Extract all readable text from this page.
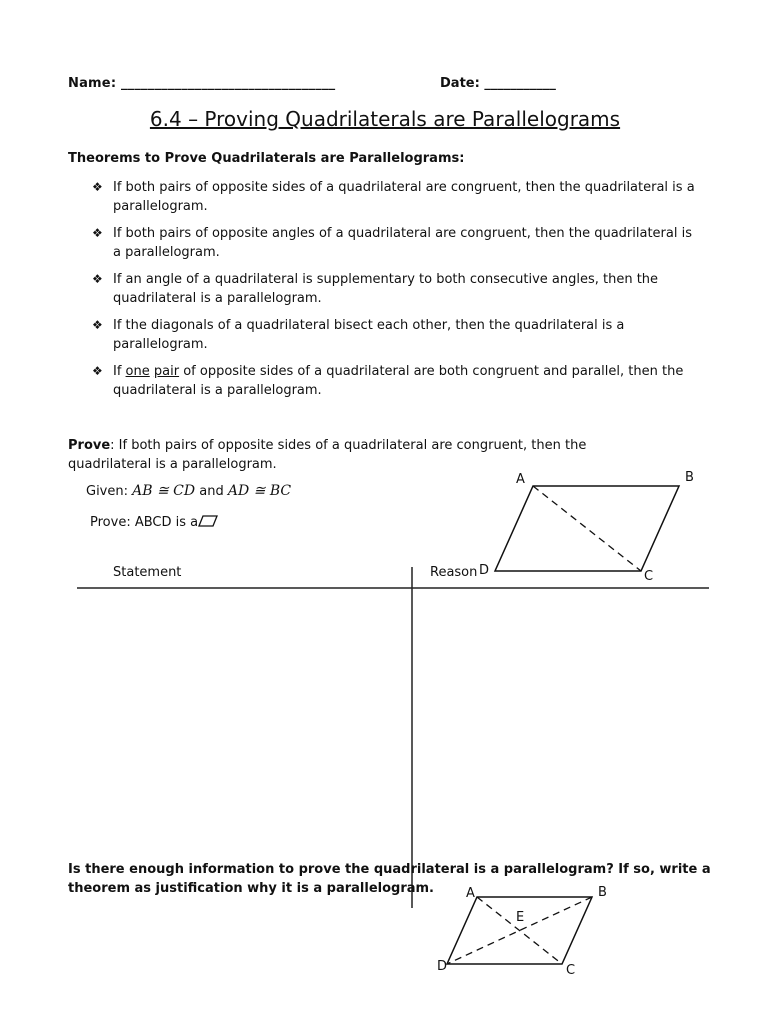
Name: ________________________________	Date: ___________
6.4 – Proving Quadrilaterals are Parallelograms
Theorems to Prove Quadrilaterals are Parallelograms:
❖ If both pairs of opposite sides of a quadrilateral are congruent, then the quadrilateral is a parallelogram.
❖ If both pairs of opposite angles of a quadrilateral are congruent, then the quadrilateral is a parallelogram.
❖ If an angle of a quadrilateral is supplementary to both consecutive angles, then the quadrilateral is a parallelogram.
❖ If the diagonals of a quadrilateral bisect each other, then the quadrilateral is a parallelogram.
❖ If one pair of opposite sides of a quadrilateral are both congruent and parallel, then the quadrilateral is a parallelogram.
Prove: If both pairs of opposite sides of a quadrilateral are congruent, then the quadrilateral is a parallelogram.
Given: AB ≅ CD and AD ≅ BC
Prove: ABCD is a
Statement	Reason
A	B
C
D
A	B
C
D
E
Is there enough information to prove the quadrilateral is a parallelogram? If so, write a theorem as justification why it is a parallelogram.
